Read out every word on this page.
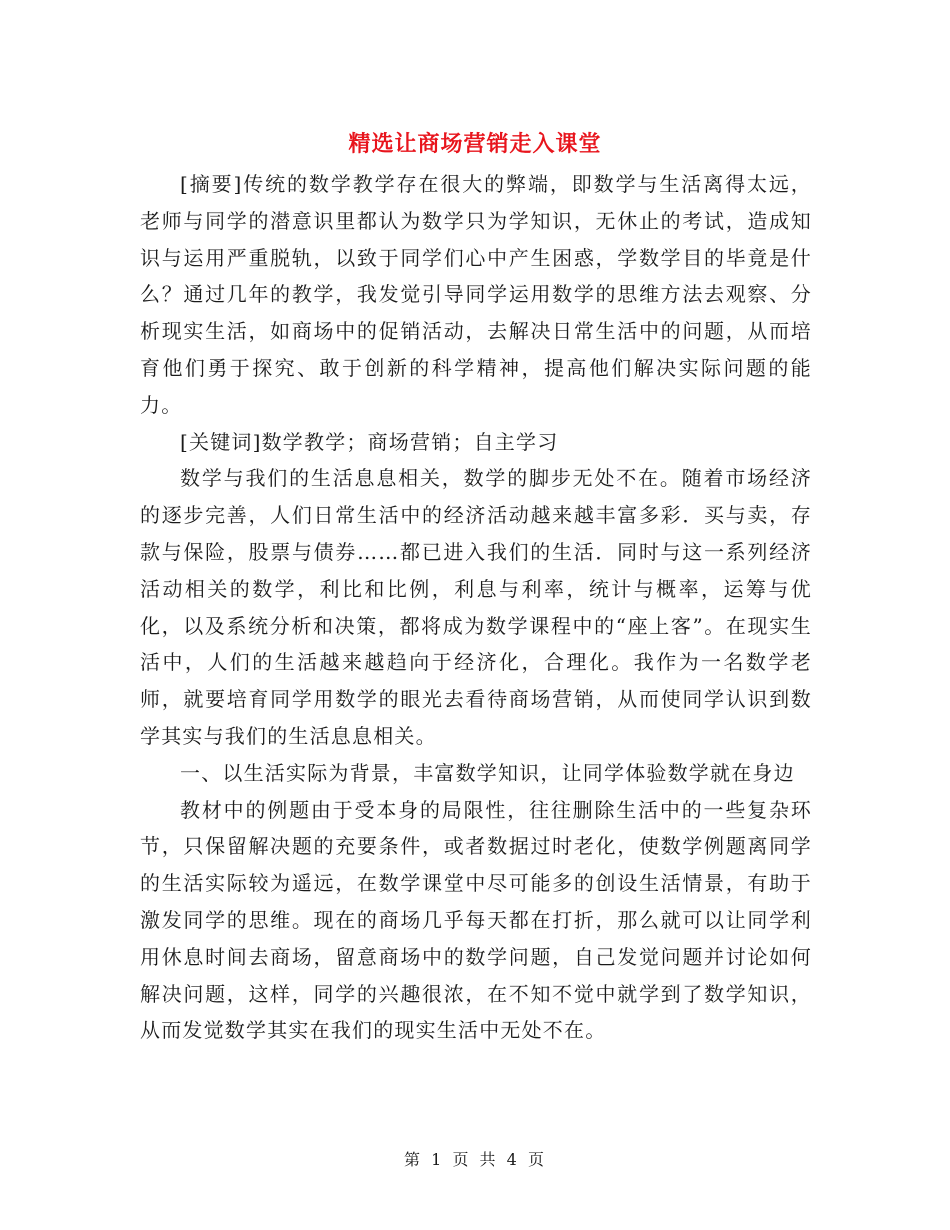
精选让商场营销走入课堂

[摘要]传统的数学教学存在很大的弊端，即数学与生活离得太远，老师与同学的潜意识里都认为数学只为学知识，无休止的考试，造成知识与运用严重脱轨，以致于同学们心中产生困惑，学数学目的毕竟是什么？通过几年的教学，我发觉引导同学运用数学的思维方法去观察、分析现实生活，如商场中的促销活动，去解决日常生活中的问题，从而培育他们勇于探究、敢于创新的科学精神，提高他们解决实际问题的能力。

[关键词]数学教学；商场营销；自主学习

数学与我们的生活息息相关，数学的脚步无处不在。随着市场经济的逐步完善，人们日常生活中的经济活动越来越丰富多彩．买与卖，存款与保险，股票与债券……都已进入我们的生活．同时与这一系列经济活动相关的数学，利比和比例，利息与利率，统计与概率，运筹与优化，以及系统分析和决策，都将成为数学课程中的“座上客”。在现实生活中，人们的生活越来越趋向于经济化，合理化。我作为一名数学老师，就要培育同学用数学的眼光去看待商场营销，从而使同学认识到数学其实与我们的生活息息相关。

一、以生活实际为背景，丰富数学知识，让同学体验数学就在身边

教材中的例题由于受本身的局限性，往往删除生活中的一些复杂环节，只保留解决题的充要条件，或者数据过时老化，使数学例题离同学的生活实际较为遥远，在数学课堂中尽可能多的创设生活情景，有助于激发同学的思维。现在的商场几乎每天都在打折，那么就可以让同学利用休息时间去商场，留意商场中的数学问题，自己发觉问题并讨论如何解决问题，这样，同学的兴趣很浓，在不知不觉中就学到了数学知识，从而发觉数学其实在我们的现实生活中无处不在。

第 1 页 共 4 页
